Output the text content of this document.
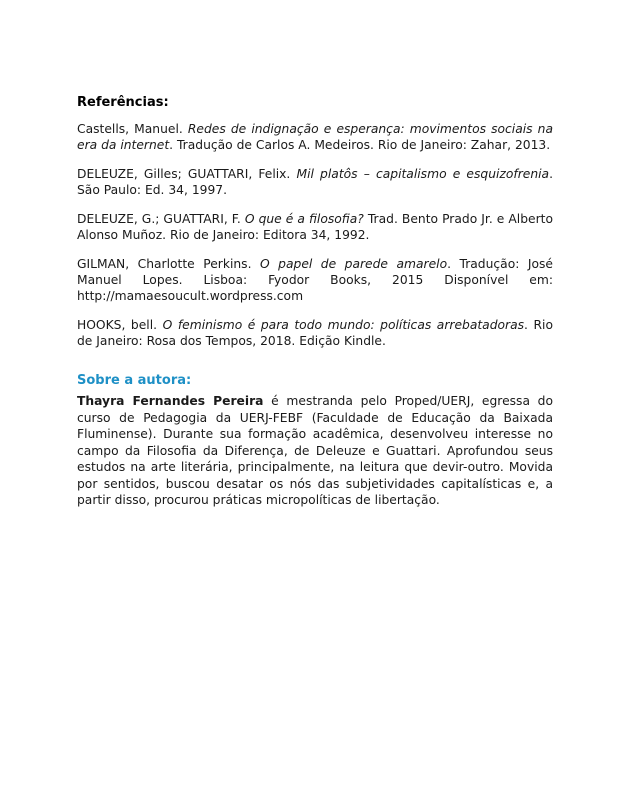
Referências:

Castells, Manuel. Redes de indignação e esperança: movimentos sociais na era da internet. Tradução de Carlos A. Medeiros. Rio de Janeiro: Zahar, 2013.

DELEUZE, Gilles; GUATTARI, Felix. Mil platôs – capitalismo e esquizofrenia. São Paulo: Ed. 34, 1997.

DELEUZE, G.; GUATTARI, F. O que é a filosofia? Trad. Bento Prado Jr. e Alberto Alonso Muñoz. Rio de Janeiro: Editora 34, 1992.

GILMAN, Charlotte Perkins. O papel de parede amarelo. Tradução: José Manuel Lopes. Lisboa: Fyodor Books, 2015 Disponível em: http://mamaesoucult.wordpress.com

HOOKS, bell. O feminismo é para todo mundo: políticas arrebatadoras. Rio de Janeiro: Rosa dos Tempos, 2018. Edição Kindle.

Sobre a autora:

Thayra Fernandes Pereira é mestranda pelo Proped/UERJ, egressa do curso de Pedagogia da UERJ-FEBF (Faculdade de Educação da Baixada Fluminense). Durante sua formação acadêmica, desenvolveu interesse no campo da Filosofia da Diferença, de Deleuze e Guattari. Aprofundou seus estudos na arte literária, principalmente, na leitura que devir-outro. Movida por sentidos, buscou desatar os nós das subjetividades capitalísticas e, a partir disso, procurou práticas micropolíticas de libertação.
